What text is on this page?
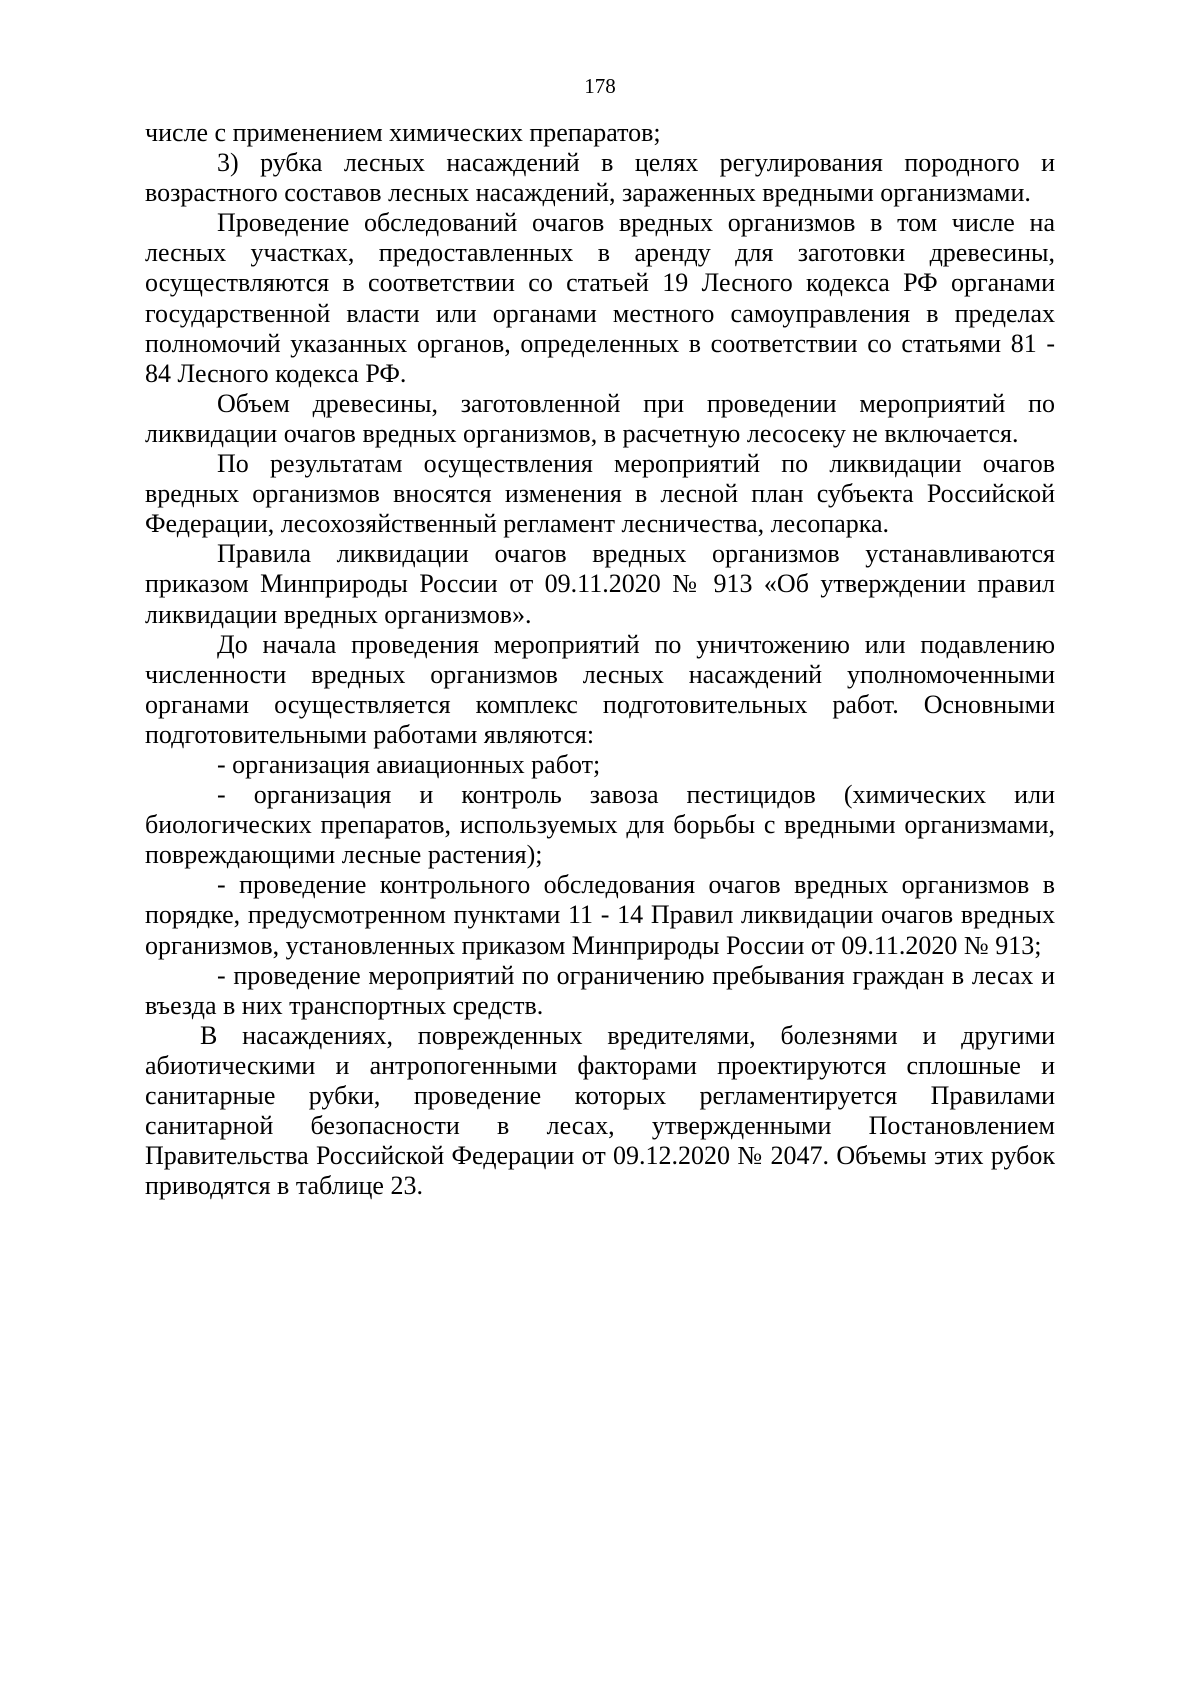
178

числе с применением химических препаратов;

3) рубка лесных насаждений в целях регулирования породного и возрастного составов лесных насаждений, зараженных вредными организмами.

Проведение обследований очагов вредных организмов в том числе на лесных участках, предоставленных в аренду для заготовки древесины, осуществляются в соответствии со статьей 19 Лесного кодекса РФ органами государственной власти или органами местного самоуправления в пределах полномочий указанных органов, определенных в соответствии со статьями 81 - 84 Лесного кодекса РФ.

Объем древесины, заготовленной при проведении мероприятий по ликвидации очагов вредных организмов, в расчетную лесосеку не включается.

По результатам осуществления мероприятий по ликвидации очагов вредных организмов вносятся изменения в лесной план субъекта Российской Федерации, лесохозяйственный регламент лесничества, лесопарка.

Правила ликвидации очагов вредных организмов устанавливаются приказом Минприроды России от 09.11.2020 № 913 «Об утверждении правил ликвидации вредных организмов».

До начала проведения мероприятий по уничтожению или подавлению численности вредных организмов лесных насаждений уполномоченными органами осуществляется комплекс подготовительных работ. Основными подготовительными работами являются:

- организация авиационных работ;

- организация и контроль завоза пестицидов (химических или биологических препаратов, используемых для борьбы с вредными организмами, повреждающими лесные растения);

- проведение контрольного обследования очагов вредных организмов в порядке, предусмотренном пунктами 11 - 14 Правил ликвидации очагов вредных организмов, установленных приказом Минприроды России от 09.11.2020 № 913;

- проведение мероприятий по ограничению пребывания граждан в лесах и въезда в них транспортных средств.

В насаждениях, поврежденных вредителями, болезнями и другими абиотическими и антропогенными факторами проектируются сплошные и санитарные рубки, проведение которых регламентируется Правилами санитарной безопасности в лесах, утвержденными Постановлением Правительства Российской Федерации от 09.12.2020 № 2047. Объемы этих рубок приводятся в таблице 23.
